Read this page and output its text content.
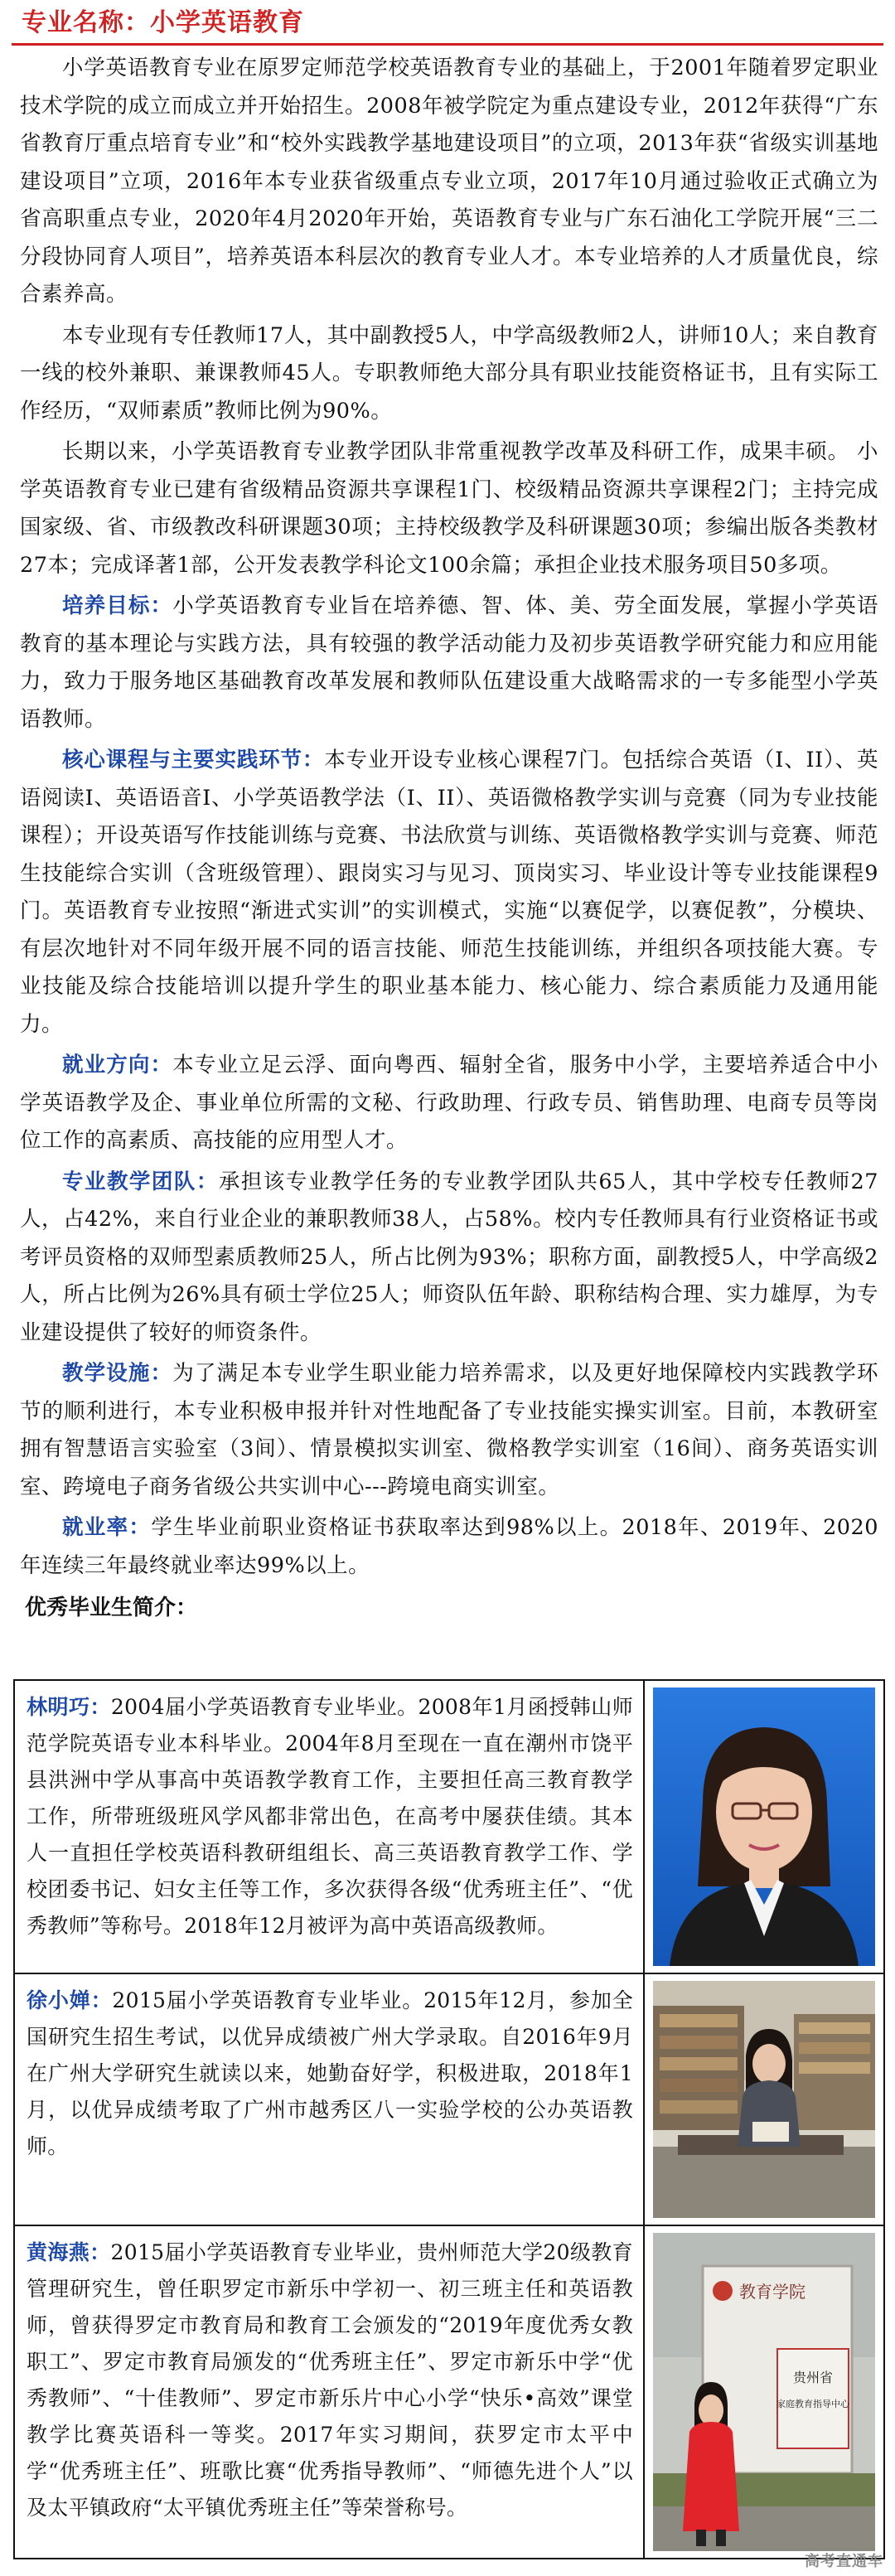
专业名称：小学英语教育

小学英语教育专业在原罗定师范学校英语教育专业的基础上，于2001年随着罗定职业技术学院的成立而成立并开始招生。2008年被学院定为重点建设专业，2012年获得“广东省教育厅重点培育专业”和“校外实践教学基地建设项目”的立项，2013年获“省级实训基地建设项目”立项，2016年本专业获省级重点专业立项，2017年10月通过验收正式确立为省高职重点专业，2020年4月2020年开始，英语教育专业与广东石油化工学院开展“三二分段协同育人项目”，培养英语本科层次的教育专业人才。本专业培养的人才质量优良，综合素养高。

本专业现有专任教师17人，其中副教授5人，中学高级教师2人，讲师10人；来自教育一线的校外兼职、兼课教师45人。专职教师绝大部分具有职业技能资格证书，且有实际工作经历，“双师素质”教师比例为90%。

长期以来，小学英语教育专业教学团队非常重视教学改革及科研工作，成果丰硕。 小学英语教育专业已建有省级精品资源共享课程1门、校级精品资源共享课程2门；主持完成国家级、省、市级教改科研课题30项；主持校级教学及科研课题30项；参编出版各类教材27本；完成译著1部，公开发表教学科论文100余篇；承担企业技术服务项目50多项。

培养目标：小学英语教育专业旨在培养德、智、体、美、劳全面发展，掌握小学英语教育的基本理论与实践方法，具有较强的教学活动能力及初步英语教学研究能力和应用能力，致力于服务地区基础教育改革发展和教师队伍建设重大战略需求的一专多能型小学英语教师。

核心课程与主要实践环节：本专业开设专业核心课程7门。包括综合英语（I、II）、英语阅读I、英语语音I、小学英语教学法（I、II）、英语微格教学实训与竞赛（同为专业技能课程）；开设英语写作技能训练与竞赛、书法欣赏与训练、英语微格教学实训与竞赛、师范生技能综合实训（含班级管理）、跟岗实习与见习、顶岗实习、毕业设计等专业技能课程9门。英语教育专业按照“渐进式实训”的实训模式，实施“以赛促学，以赛促教”，分模块、有层次地针对不同年级开展不同的语言技能、师范生技能训练，并组织各项技能大赛。专业技能及综合技能培训以提升学生的职业基本能力、核心能力、综合素质能力及通用能力。

就业方向：本专业立足云浮、面向粤西、辐射全省，服务中小学，主要培养适合中小学英语教学及企、事业单位所需的文秘、行政助理、行政专员、销售助理、电商专员等岗位工作的高素质、高技能的应用型人才。

专业教学团队：承担该专业教学任务的专业教学团队共65人，其中学校专任教师27人，占42%，来自行业企业的兼职教师38人，占58%。校内专任教师具有行业资格证书或考评员资格的双师型素质教师25人，所占比例为93%；职称方面，副教授5人，中学高级2人，所占比例为26%具有硕士学位25人；师资队伍年龄、职称结构合理、实力雄厚，为专业建设提供了较好的师资条件。

教学设施：为了满足本专业学生职业能力培养需求，以及更好地保障校内实践教学环节的顺利进行，本专业积极申报并针对性地配备了专业技能实操实训室。目前，本教研室拥有智慧语言实验室（3间）、情景模拟实训室、微格教学实训室（16间）、商务英语实训室、跨境电子商务省级公共实训中心---跨境电商实训室。

就业率：学生毕业前职业资格证书获取率达到98%以上。2018年、2019年、2020年连续三年最终就业率达99%以上。

优秀毕业生简介：
林明巧：2004届小学英语教育专业毕业。2008年1月函授韩山师范学院英语专业本科毕业。2004年8月至现在一直在潮州市饶平县洪洲中学从事高中英语教学教育工作，主要担任高三教育教学工作，所带班级班风学风都非常出色，在高考中屡获佳绩。其本人一直担任学校英语科教研组组长、高三英语教育教学工作、学校团委书记、妇女主任等工作，多次获得各级“优秀班主任”、“优秀教师”等称号。2018年12月被评为高中英语高级教师。
徐小婵：2015届小学英语教育专业毕业。2015年12月，参加全国研究生招生考试，以优异成绩被广州大学录取。自2016年9月在广州大学研究生就读以来，她勤奋好学，积极进取，2018年1月，以优异成绩考取了广州市越秀区八一实验学校的公办英语教师。
黄海燕：2015届小学英语教育专业毕业，贵州师范大学20级教育管理研究生，曾任职罗定市新乐中学初一、初三班主任和英语教师，曾获得罗定市教育局和教育工会颁发的“2019年度优秀女教职工”、罗定市教育局颁发的“优秀班主任”、罗定市新乐中学“优秀教师”、“十佳教师”、罗定市新乐片中心小学“快乐•高效”课堂教学比赛英语科一等奖。2017年实习期间，获罗定市太平中学“优秀班主任”、班歌比赛“优秀指导教师”、“师德先进个人”以及太平镇政府“太平镇优秀班主任”等荣誉称号。
教育学院
贵州省
家庭教育指导中心
高考直通车
